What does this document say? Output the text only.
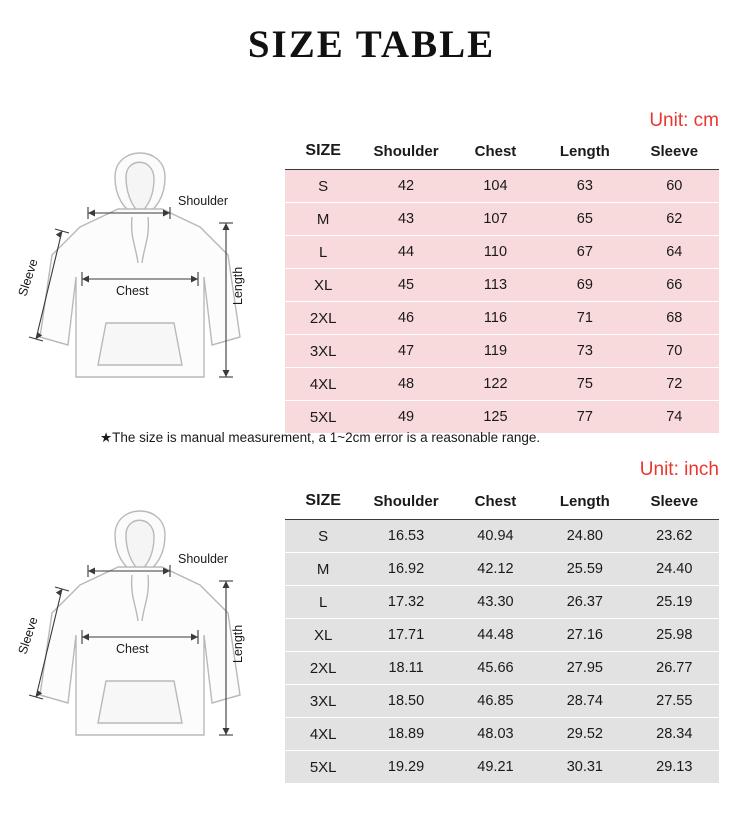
SIZE TABLE
Unit: cm
Unit: inch
Shoulder
Chest	Length
Sleeve
SIZE	Shoulder	Chest	Length	Sleeve
S	42	104	63	60
M	43	107	65	62
L	44	110	67	64
XL	45	113	69	66
2XL	46	116	71	68
3XL	47	119	73	70
4XL	48	122	75	72
5XL	49	125	77	74
★The size is manual measurement, a 1~2cm error is a reasonable range.
Shoulder
Chest	Length
Sleeve
SIZE	Shoulder	Chest	Length	Sleeve
S	16.53	40.94	24.80	23.62
M	16.92	42.12	25.59	24.40
L	17.32	43.30	26.37	25.19
XL	17.71	44.48	27.16	25.98
2XL	18.11	45.66	27.95	26.77
3XL	18.50	46.85	28.74	27.55
4XL	18.89	48.03	29.52	28.34
5XL	19.29	49.21	30.31	29.13
